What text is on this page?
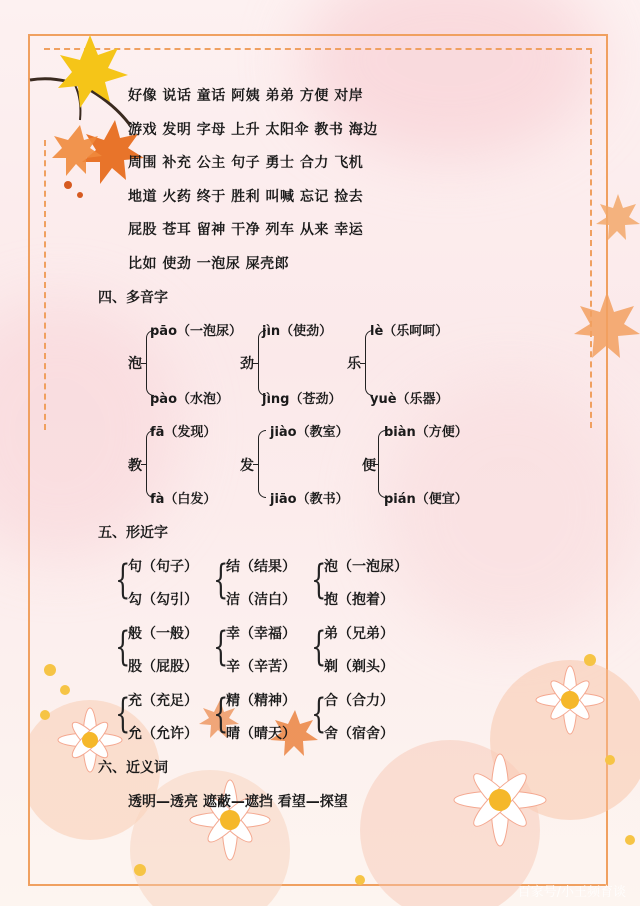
好像 说话 童话 阿姨 弟弟 方便 对岸
游戏 发明 字母 上升 太阳伞 教书 海边
周围 补充 公主 句子 勇士 合力 飞机
地道 火药 终于 胜利 叫喊 忘记 捡去
屁股 苍耳 留神 干净 列车 从来 幸运
比如 使劲 一泡尿 屎壳郎
四、多音字
泡
pāo（一泡尿）
pào（水泡）
劲
jìn（使劲）
jìng（苍劲）
乐
lè（乐呵呵）
yuè（乐器）
教
fā（发现）
fà（白发）
发
jiào（教室）
jiāo（教书）
便
biàn（方便）
pián（便宜）
五、形近字
{
句（句子）
勾（勾引） {
结（结果）
洁（洁白） {
泡（一泡尿）
抱（抱着）
{
般（一般）
股（屁股） {
幸（幸福）
辛（辛苦） {
弟（兄弟）
剃（剃头）
{
充（充足）
允（允许） {
精（精神）
晴（晴天） {
合（合力）
舍（宿舍）
六、近义词
透明—透亮 遮蔽—遮挡 看望—探望
百家号/小王频育谈
